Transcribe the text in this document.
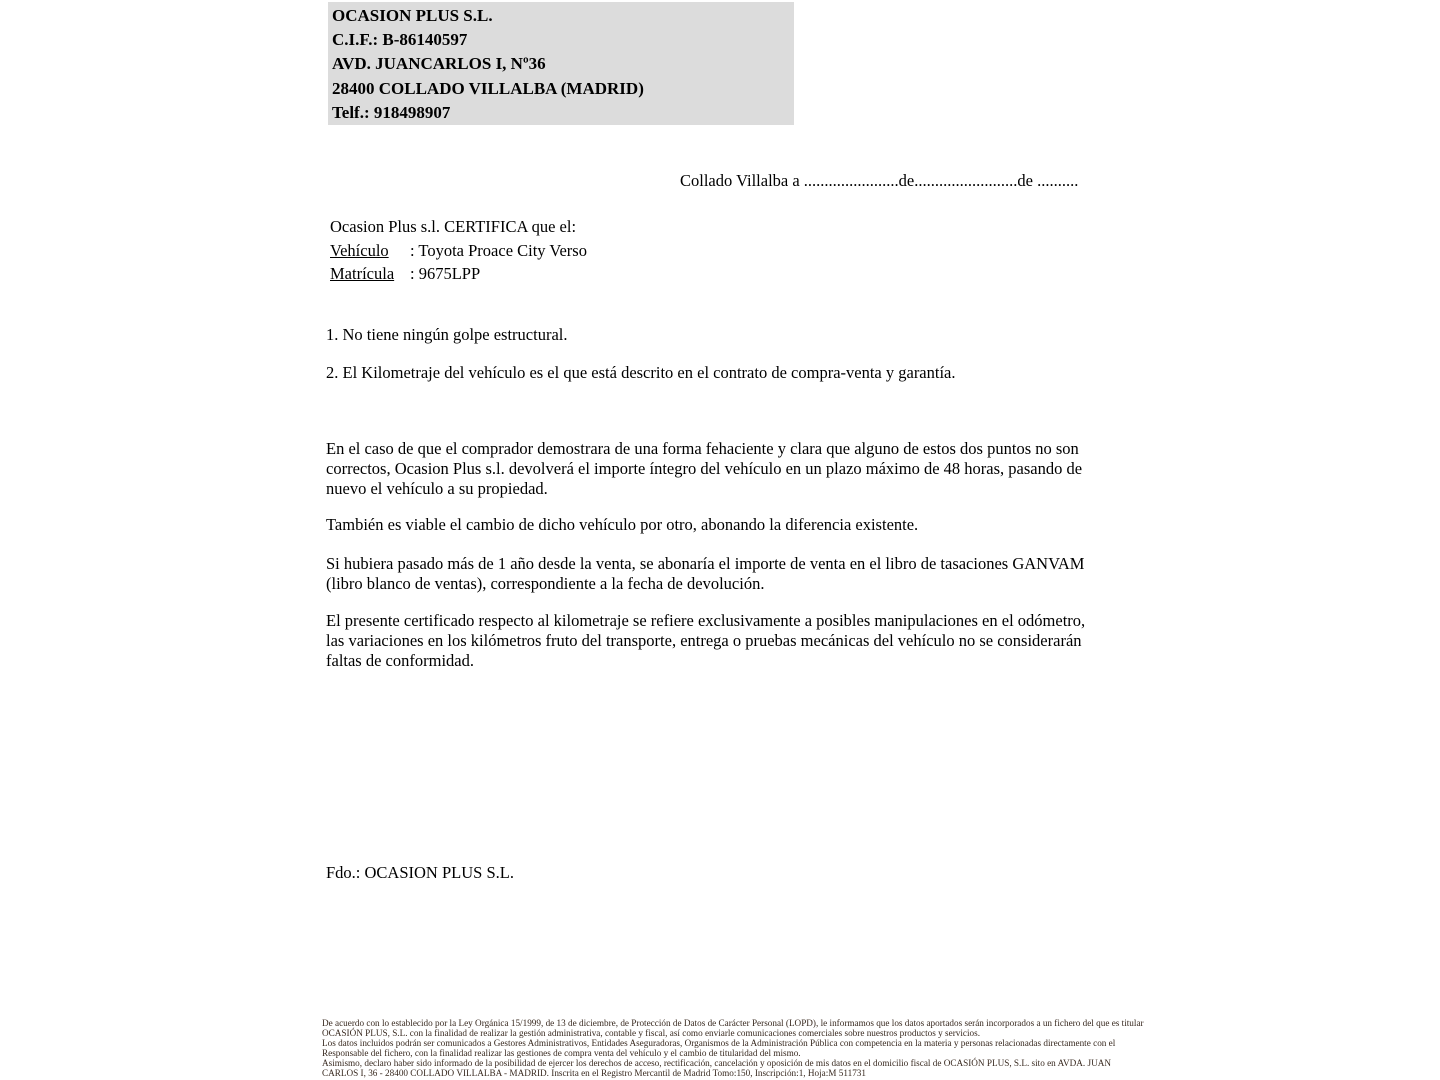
OCASION PLUS S.L.
C.I.F.: B-86140597
AVD. JUANCARLOS I, Nº36
28400 COLLADO VILLALBA (MADRID)
Telf.: 918498907
Collado Villalba a .......................de.........................de ..........
Ocasion Plus s.l. CERTIFICA que el:
Vehículo : Toyota Proace City Verso
Matrícula : 9675LPP
1. No tiene ningún golpe estructural.
2. El Kilometraje del vehículo es el que está descrito en el contrato de compra-venta y garantía.
En el caso de que el comprador demostrara de una forma fehaciente y clara que alguno de estos dos puntos no son correctos, Ocasion Plus s.l. devolverá el importe íntegro del vehículo en un plazo máximo de 48 horas, pasando de nuevo el vehículo a su propiedad.
También es viable el cambio de dicho vehículo por otro, abonando la diferencia existente.
Si hubiera pasado más de 1 año desde la venta, se abonaría el importe de venta en el libro de tasaciones GANVAM (libro blanco de ventas), correspondiente a la fecha de devolución.
El presente certificado respecto al kilometraje se refiere exclusivamente a posibles manipulaciones en el odómetro, las variaciones en los kilómetros fruto del transporte, entrega o pruebas mecánicas del vehículo no se considerarán faltas de conformidad.
Fdo.: OCASION PLUS S.L.
De acuerdo con lo establecido por la Ley Orgánica 15/1999, de 13 de diciembre, de Protección de Datos de Carácter Personal (LOPD), le informamos que los datos aportados serán incorporados a un fichero del que es titular
OCASIÓN PLUS, S.L. con la finalidad de realizar la gestión administrativa, contable y fiscal, así como enviarle comunicaciones comerciales sobre nuestros productos y servicios.
Los datos incluidos podrán ser comunicados a Gestores Administrativos, Entidades Aseguradoras, Organismos de la Administración Pública con competencia en la materia y personas relacionadas directamente con el
Responsable del fichero, con la finalidad realizar las gestiones de compra venta del vehículo y el cambio de titularidad del mismo.
Asimismo, declaro haber sido informado de la posibilidad de ejercer los derechos de acceso, rectificación, cancelación y oposición de mis datos en el domicilio fiscal de OCASIÓN PLUS, S.L. sito en AVDA. JUAN
CARLOS I, 36 - 28400 COLLADO VILLALBA - MADRID. Inscrita en el Registro Mercantil de Madrid Tomo:150, Inscripción:1, Hoja:M 511731
